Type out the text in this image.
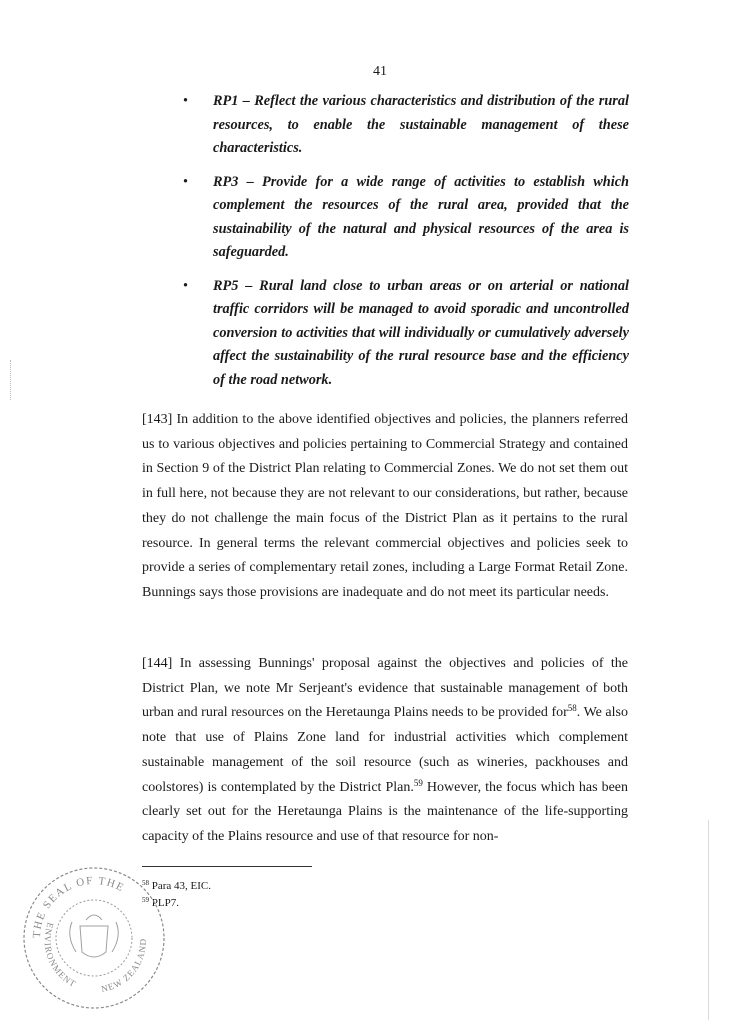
41
• RP1 – Reflect the various characteristics and distribution of the rural resources, to enable the sustainable management of these characteristics.
• RP3 – Provide for a wide range of activities to establish which complement the resources of the rural area, provided that the sustainability of the natural and physical resources of the area is safeguarded.
• RP5 – Rural land close to urban areas or on arterial or national traffic corridors will be managed to avoid sporadic and uncontrolled conversion to activities that will individually or cumulatively adversely affect the sustainability of the rural resource base and the efficiency of the road network.

[143] In addition to the above identified objectives and policies, the planners referred us to various objectives and policies pertaining to Commercial Strategy and contained in Section 9 of the District Plan relating to Commercial Zones. We do not set them out in full here, not because they are not relevant to our considerations, but rather, because they do not challenge the main focus of the District Plan as it pertains to the rural resource. In general terms the relevant commercial objectives and policies seek to provide a series of complementary retail zones, including a Large Format Retail Zone. Bunnings says those provisions are inadequate and do not meet its particular needs.

[144] In assessing Bunnings' proposal against the objectives and policies of the District Plan, we note Mr Serjeant's evidence that sustainable management of both urban and rural resources on the Heretaunga Plains needs to be provided for$^{58}$. We also note that use of Plains Zone land for industrial activities which complement sustainable management of the soil resource (such as wineries, packhouses and coolstores) is contemplated by the District Plan.$^{59}$ However, the focus which has been clearly set out for the Heretaunga Plains is the maintenance of the life-supporting capacity of the Plains resource and use of that resource for non-

$^{58}$ Para 43, EIC.
$^{59}$ PLP7.
THE SEAL OF THE
ENVIRONMENT NEW ZEALAND
